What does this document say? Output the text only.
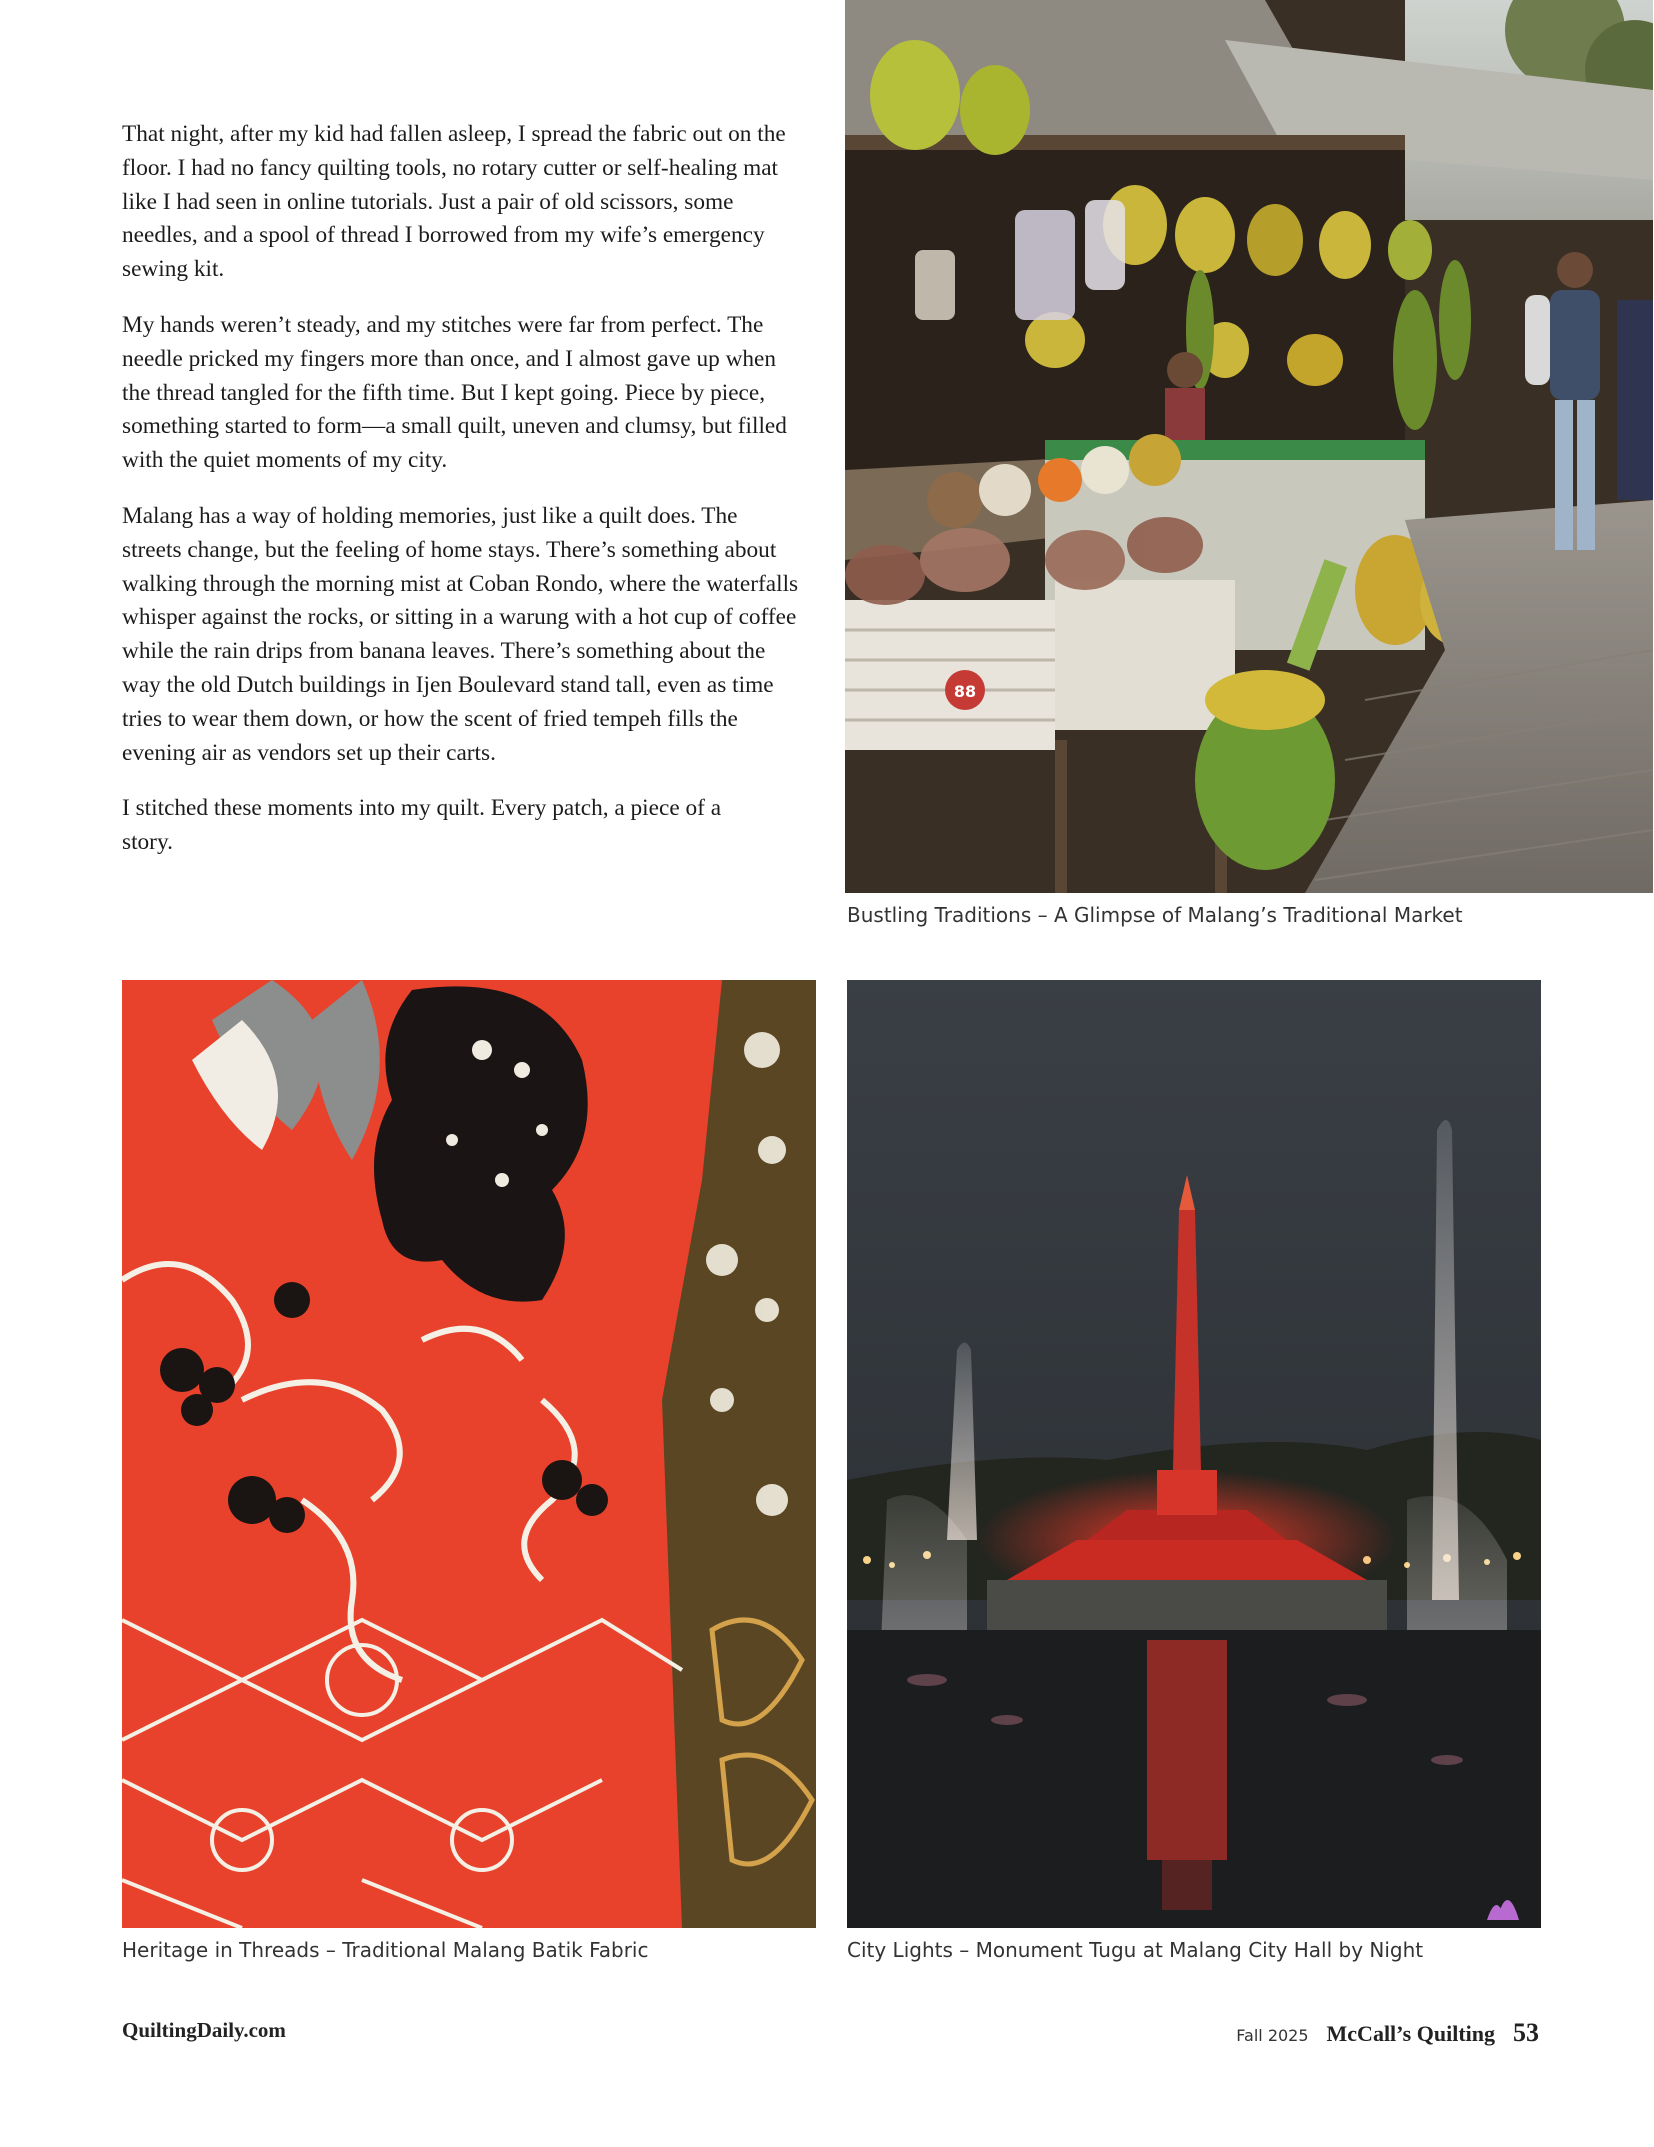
That night, after my kid had fallen asleep, I spread the fabric out on the floor. I had no fancy quilting tools, no rotary cutter or self-healing mat like I had seen in online tutorials. Just a pair of old scissors, some needles, and a spool of thread I borrowed from my wife’s emergency sewing kit.

My hands weren’t steady, and my stitches were far from perfect. The needle pricked my fingers more than once, and I almost gave up when the thread tangled for the fifth time. But I kept going. Piece by piece, something started to form—a small quilt, uneven and clumsy, but filled with the quiet moments of my city.

Malang has a way of holding memories, just like a quilt does. The streets change, but the feeling of home stays. There’s something about walking through the morning mist at Coban Rondo, where the waterfalls whisper against the rocks, or sitting in a warung with a hot cup of coffee while the rain drips from banana leaves. There’s something about the way the old Dutch buildings in Ijen Boulevard stand tall, even as time tries to wear them down, or how the scent of fried tempeh fills the evening air as vendors set up their carts.

I stitched these moments into my quilt. Every patch, a piece of a story.

88
Bustling Traditions – A Glimpse of Malang’s Traditional Market
Heritage in Threads – Traditional Malang Batik Fabric	City Lights – Monument Tugu at Malang City Hall by Night
QuiltingDaily.com	Fall 2025 McCall’s Quilting 53
